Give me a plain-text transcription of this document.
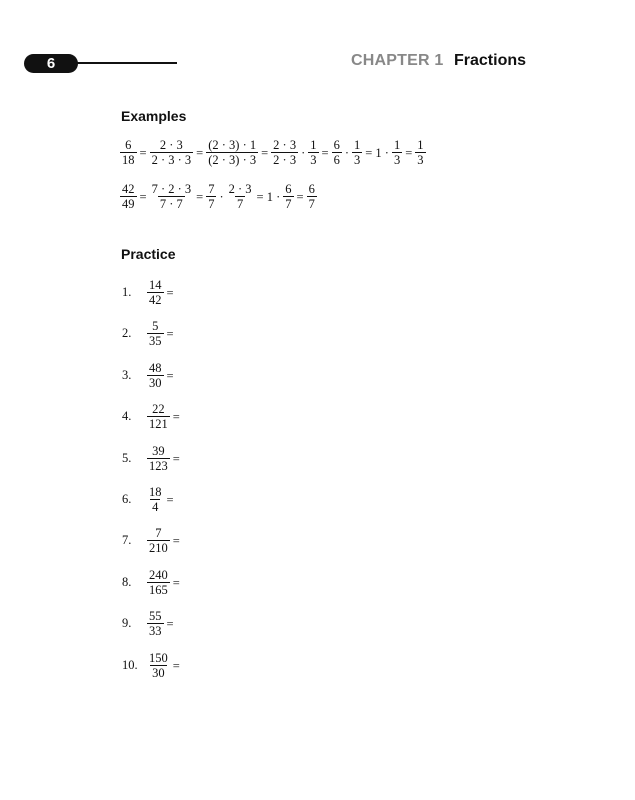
6	CHAPTER 1 Fractions
Examples
$\frac{6}{18} = \frac{2 \cdot 3}{2 \cdot 3 \cdot 3} = \frac{(2 \cdot 3) \cdot 1}{(2 \cdot 3) \cdot 3} = \frac{2 \cdot 3}{2 \cdot 3} \cdot \frac{1}{3} = \frac{6}{6} \cdot \frac{1}{3} = 1 \cdot \frac{1}{3} = \frac{1}{3}$
$\frac{42}{49} = \frac{7 \cdot 2 \cdot 3}{7 \cdot 7} = \frac{7}{7} \cdot \frac{2 \cdot 3}{7} = 1 \cdot \frac{6}{7} = \frac{6}{7}$
Practice
1.	$\frac{14}{42}$ =
2.	$\frac{5}{35}$ =
3.	$\frac{48}{30}$ =
4.	$\frac{22}{121}$ =
5.	$\frac{39}{123}$ =
6.	$\frac{18}{4}$ =
7.	$\frac{7}{210}$ =
8.	$\frac{240}{165}$ =
9.	$\frac{55}{33}$ =
10. $\frac{150}{30}$ =
